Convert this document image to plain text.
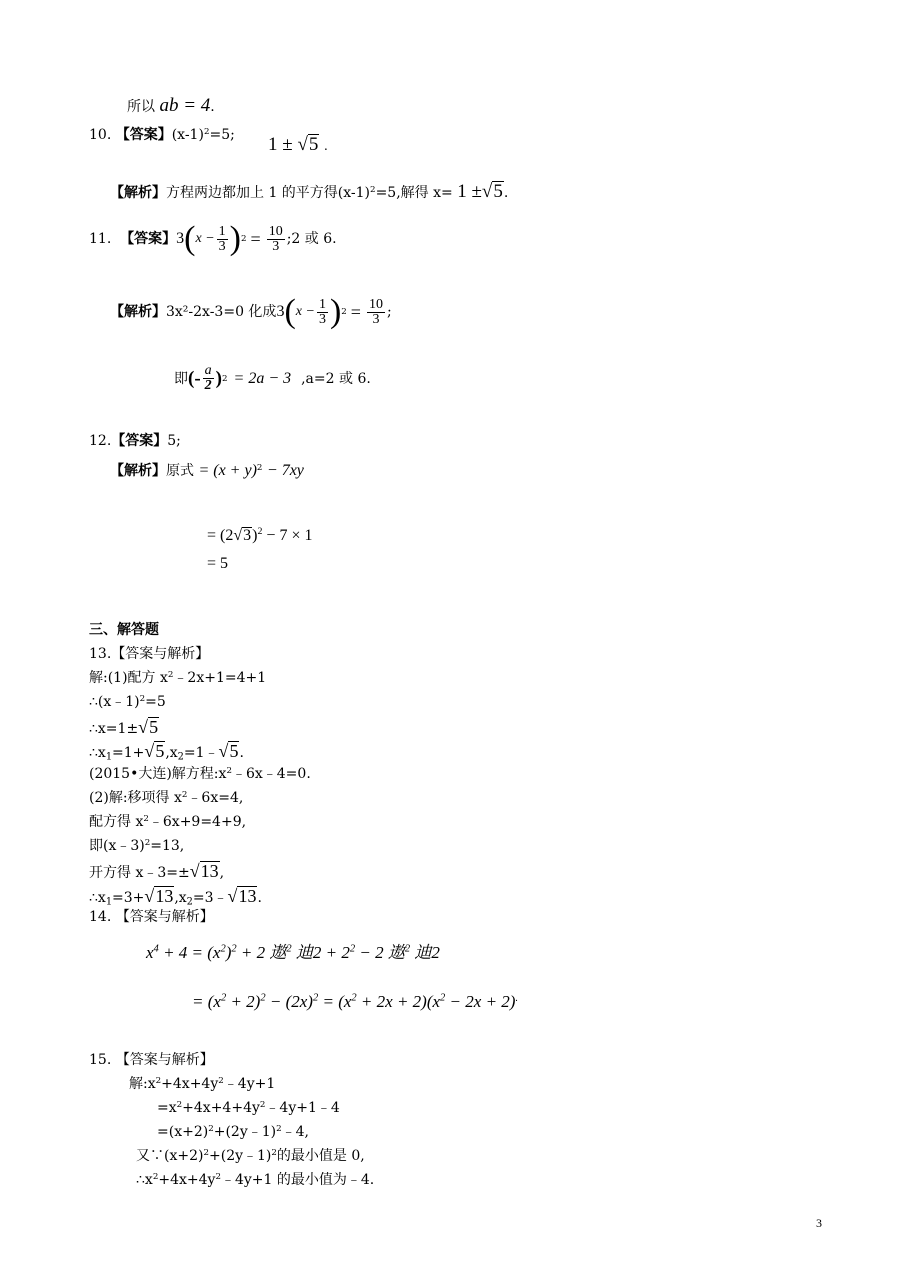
所以 ab = 4.
10. 【答案】$(x-1)^2=5$; 1 ± √5 .
【解析】方程两边都加上 1 的平方得$(x-1)^2=5$,解得 x= 1 ±√5.
11.
【答案】 3 ( $x - \frac{1}{3}$ ) $2 = \frac{10}{3}$ ;2 或 6.
【解析】 3x²-2x-3=0 化成 3 ( $x - \frac{1}{3}$ ) $2 = \frac{10}{3}$ ;
即 (- $\frac{a}{2}$ ) 2 = 2a − 3 ,a=2 或 6.
12.【答案】5;
【解析】原式 = $(x + y)^2 - 7xy$
= $(2√3)^2 - 7 \times 1$
= 5
三、解答题
13.【答案与解析】
解:(1)配方 $x^2﹣2x+1=4+1$
∴(x﹣1)$^2$=5
∴x=1±√5
$\therefore x_1=1+√5,x_2=1﹣√5$.
(2015•大连)解方程$:x^2﹣6x﹣4=0$.
(2)解:移项得 $x^2﹣6x=4$,
配方得 $x^2﹣6x+9=4+9$,
即(x﹣3)$^2$=13,
开方得 x﹣3=±√13,
$\therefore x_1=3+√13,x_2=3﹣√13$.
14. 【答案与解析】
$x^4 + 4 = (x^2)^2 + 2$ 遨$^2$ 迪$2 + 2^2 - 2$ 遨$^2$ 迪2
= $(x^2 + 2)^2 - (2x)^2 = (x^2 + 2x + 2)(x^2 - 2x + 2)^.$
15. 【答案与解析】
解$:x^2+4x+4y^2﹣4y+1$
$=x^2+4x+4+4y^2﹣4y+1﹣4$
$=(x+2)^2+(2y﹣1)^2﹣4$,
又$\because(x+2)^2+(2y﹣1)^2$的最小值是 0,
$\therefore x^2+4x+4y^2﹣4y+1$ 的最小值为﹣4.
3
